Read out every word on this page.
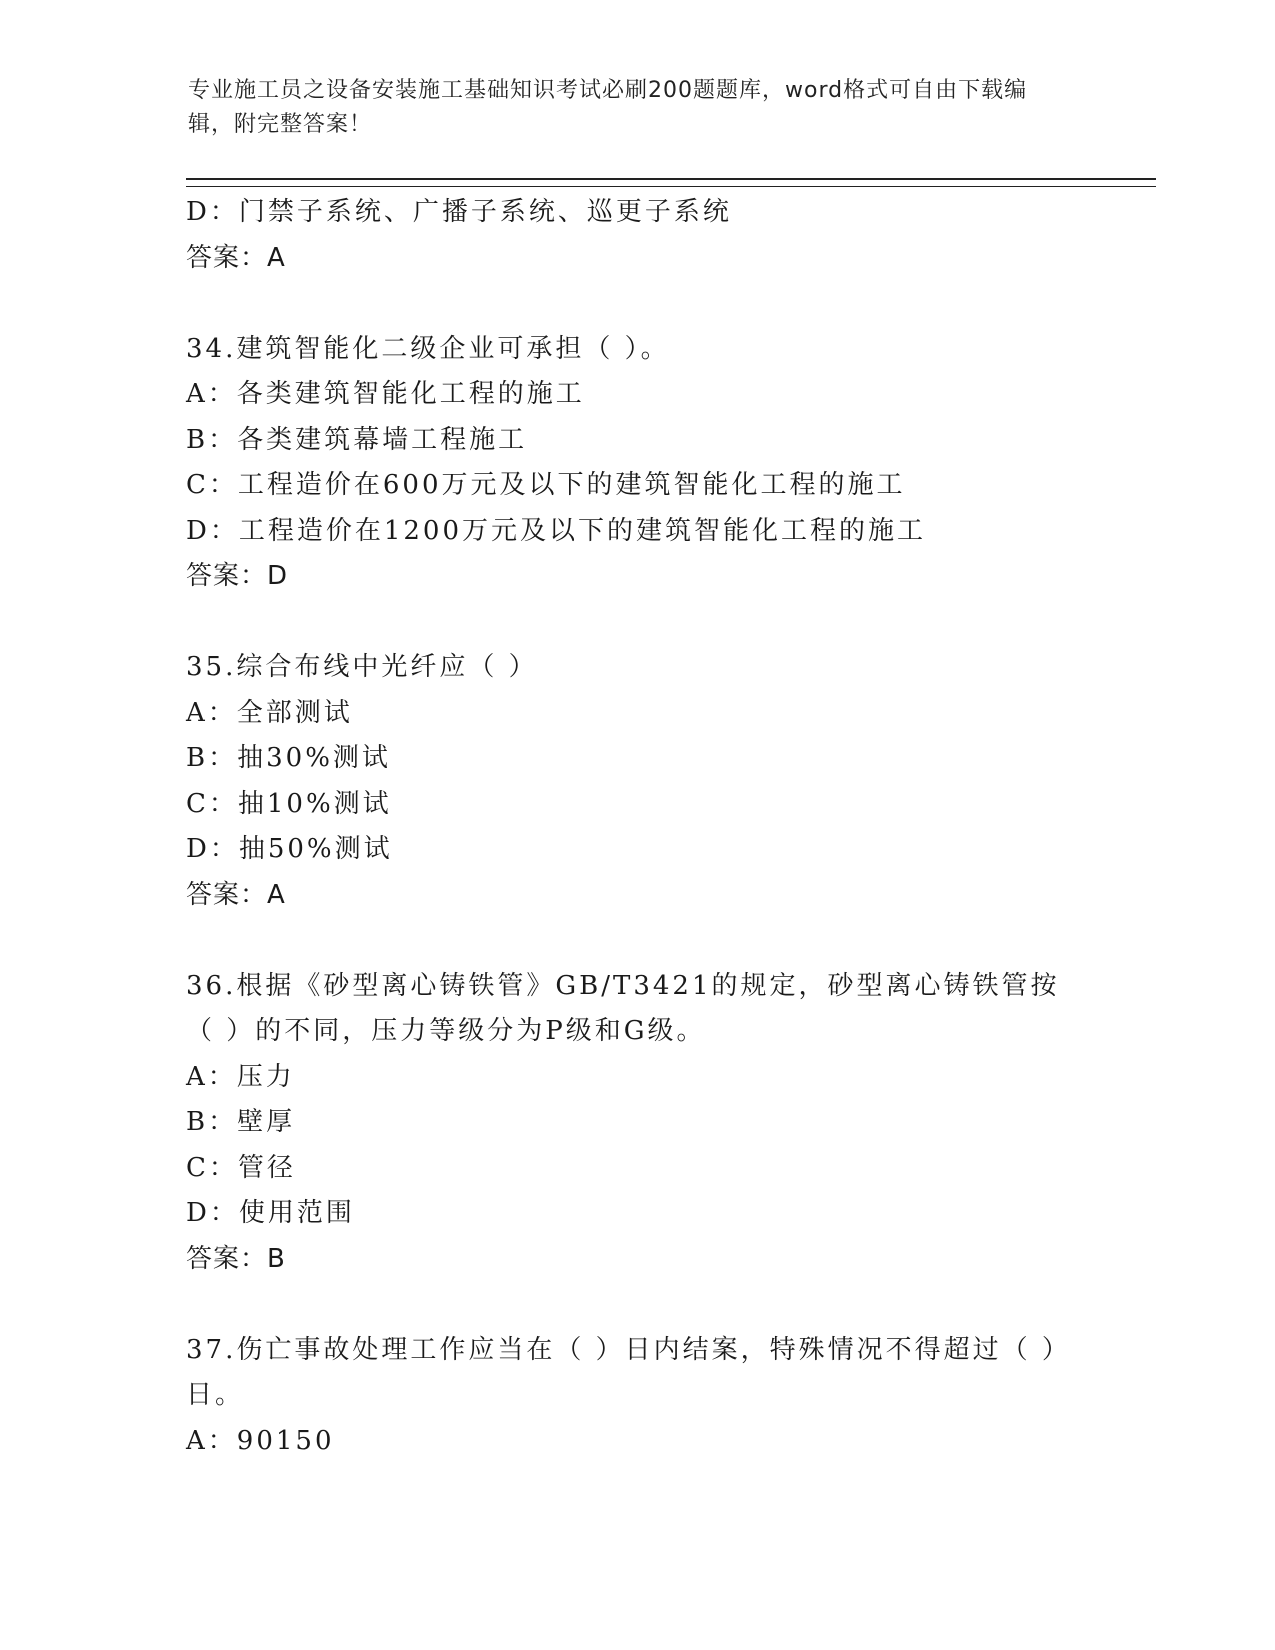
专业施工员之设备安装施工基础知识考试必刷200题题库，word格式可自由下载编辑，附完整答案！
D：门禁子系统、广播子系统、巡更子系统
答案：A
34.建筑智能化二级企业可承担（ ）。
A：各类建筑智能化工程的施工
B：各类建筑幕墙工程施工
C：工程造价在600万元及以下的建筑智能化工程的施工
D：工程造价在1200万元及以下的建筑智能化工程的施工
答案：D
35.综合布线中光纤应（ ）
A：全部测试
B：抽30%测试
C：抽10%测试
D：抽50%测试
答案：A
36.根据《砂型离心铸铁管》GB/T3421的规定，砂型离心铸铁管按（ ）的不同，压力等级分为P级和G级。
A：压力
B：壁厚
C：管径
D：使用范围
答案：B
37.伤亡事故处理工作应当在（ ）日内结案，特殊情况不得超过（ ）日。
A：90150
